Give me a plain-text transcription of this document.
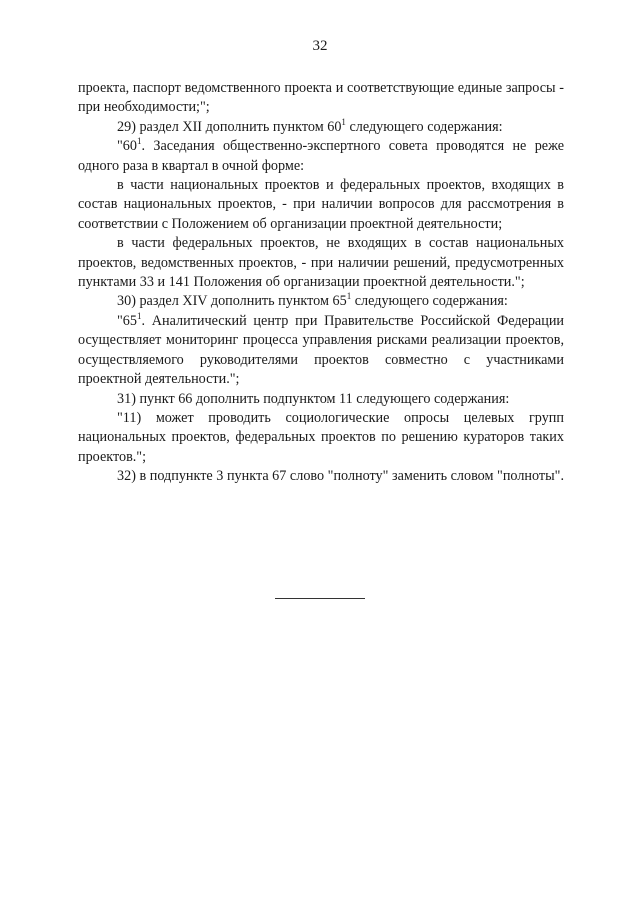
32

проекта, паспорт ведомственного проекта и соответствующие единые запросы - при необходимости;";

29) раздел XII дополнить пунктом $60^1$ следующего содержания:

"$60^1$. Заседания общественно-экспертного совета проводятся не реже одного раза в квартал в очной форме:

в части национальных проектов и федеральных проектов, входящих в состав национальных проектов, - при наличии вопросов для рассмотрения в соответствии с Положением об организации проектной деятельности;

в части федеральных проектов, не входящих в состав национальных проектов, ведомственных проектов, - при наличии решений, предусмотренных пунктами 33 и 141 Положения об организации проектной деятельности.";

30) раздел XIV дополнить пунктом $65^1$ следующего содержания:

"$65^1$. Аналитический центр при Правительстве Российской Федерации осуществляет мониторинг процесса управления рисками реализации проектов, осуществляемого руководителями проектов совместно с участниками проектной деятельности.";

31) пункт 66 дополнить подпунктом 11 следующего содержания:

"11) может проводить социологические опросы целевых групп национальных проектов, федеральных проектов по решению кураторов таких проектов.";

32) в подпункте 3 пункта 67 слово "полноту" заменить словом "полноты".
